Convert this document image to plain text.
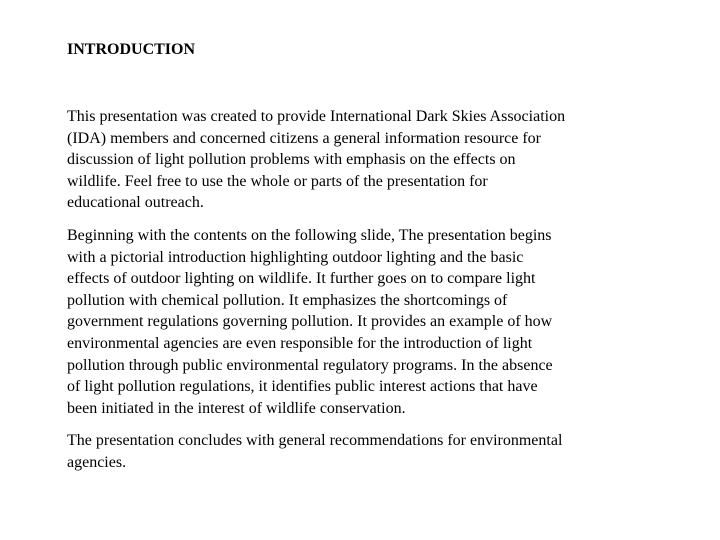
INTRODUCTION
This presentation was created to provide International Dark Skies Association
(IDA) members and concerned citizens a general information resource for
discussion of light pollution problems with emphasis on the effects on
wildlife. Feel free to use the whole or parts of the presentation for
educational outreach.
Beginning with the contents on the following slide, The presentation begins
with a pictorial introduction highlighting outdoor lighting and the basic
effects of outdoor lighting on wildlife. It further goes on to compare light
pollution with chemical pollution. It emphasizes the shortcomings of
government regulations governing pollution. It provides an example of how
environmental agencies are even responsible for the introduction of light
pollution through public environmental regulatory programs. In the absence
of light pollution regulations, it identifies public interest actions that have
been initiated in the interest of wildlife conservation.
The presentation concludes with general recommendations for environmental
agencies.
